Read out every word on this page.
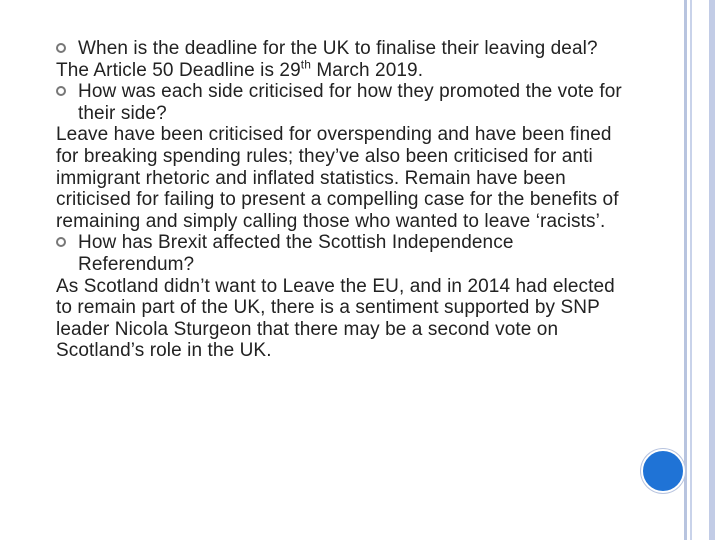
When is the deadline for the UK to finalise their leaving deal?
The Article 50 Deadline is 29th March 2019.
How was each side criticised for how they promoted the vote for their side?
Leave have been criticised for overspending and have been fined for breaking spending rules; they’ve also been criticised for anti immigrant rhetoric and inflated statistics. Remain have been criticised for failing to present a compelling case for the benefits of remaining and simply calling those who wanted to leave ‘racists’.
How has Brexit affected the Scottish Independence Referendum?
As Scotland didn’t want to Leave the EU, and in 2014 had elected to remain part of the UK, there is a sentiment supported by SNP leader Nicola Sturgeon that there may be a second vote on Scotland’s role in the UK.
